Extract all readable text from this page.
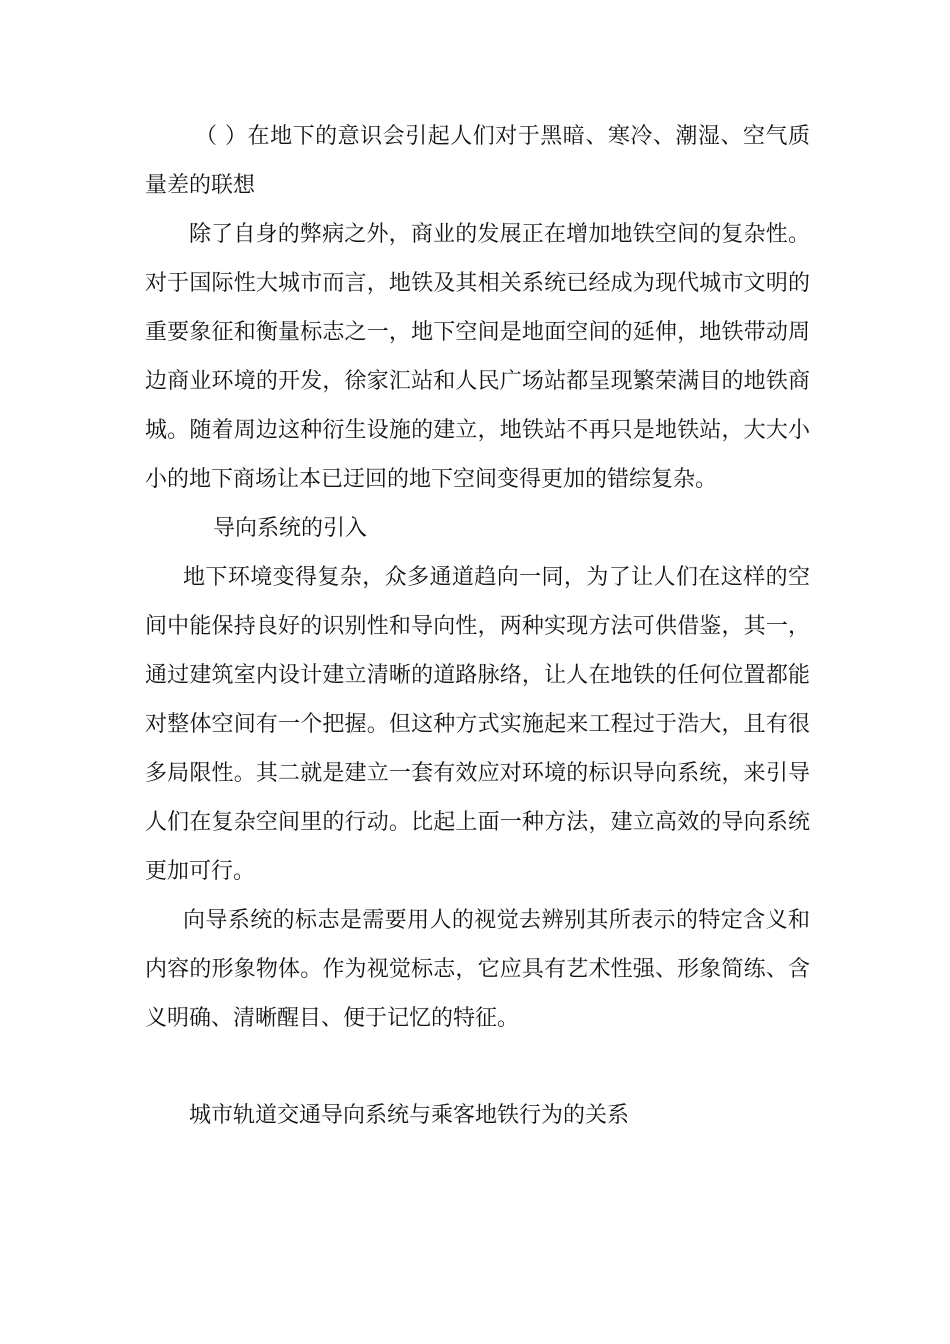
（ ）在地下的意识会引起人们对于黑暗、寒冷、潮湿、空气质量差的联想

除了自身的弊病之外，商业的发展正在增加地铁空间的复杂性。对于国际性大城市而言，地铁及其相关系统已经成为现代城市文明的重要象征和衡量标志之一，地下空间是地面空间的延伸，地铁带动周边商业环境的开发，徐家汇站和人民广场站都呈现繁荣满目的地铁商城。随着周边这种衍生设施的建立，地铁站不再只是地铁站，大大小小的地下商场让本已迂回的地下空间变得更加的错综复杂。

导向系统的引入

地下环境变得复杂，众多通道趋向一同，为了让人们在这样的空间中能保持良好的识别性和导向性，两种实现方法可供借鉴，其一，通过建筑室内设计建立清晰的道路脉络，让人在地铁的任何位置都能对整体空间有一个把握。但这种方式实施起来工程过于浩大，且有很多局限性。其二就是建立一套有效应对环境的标识导向系统，来引导人们在复杂空间里的行动。比起上面一种方法，建立高效的导向系统更加可行。

向导系统的标志是需要用人的视觉去辨别其所表示的特定含义和内容的形象物体。作为视觉标志，它应具有艺术性强、形象简练、含义明确、清晰醒目、便于记忆的特征。

城市轨道交通导向系统与乘客地铁行为的关系
